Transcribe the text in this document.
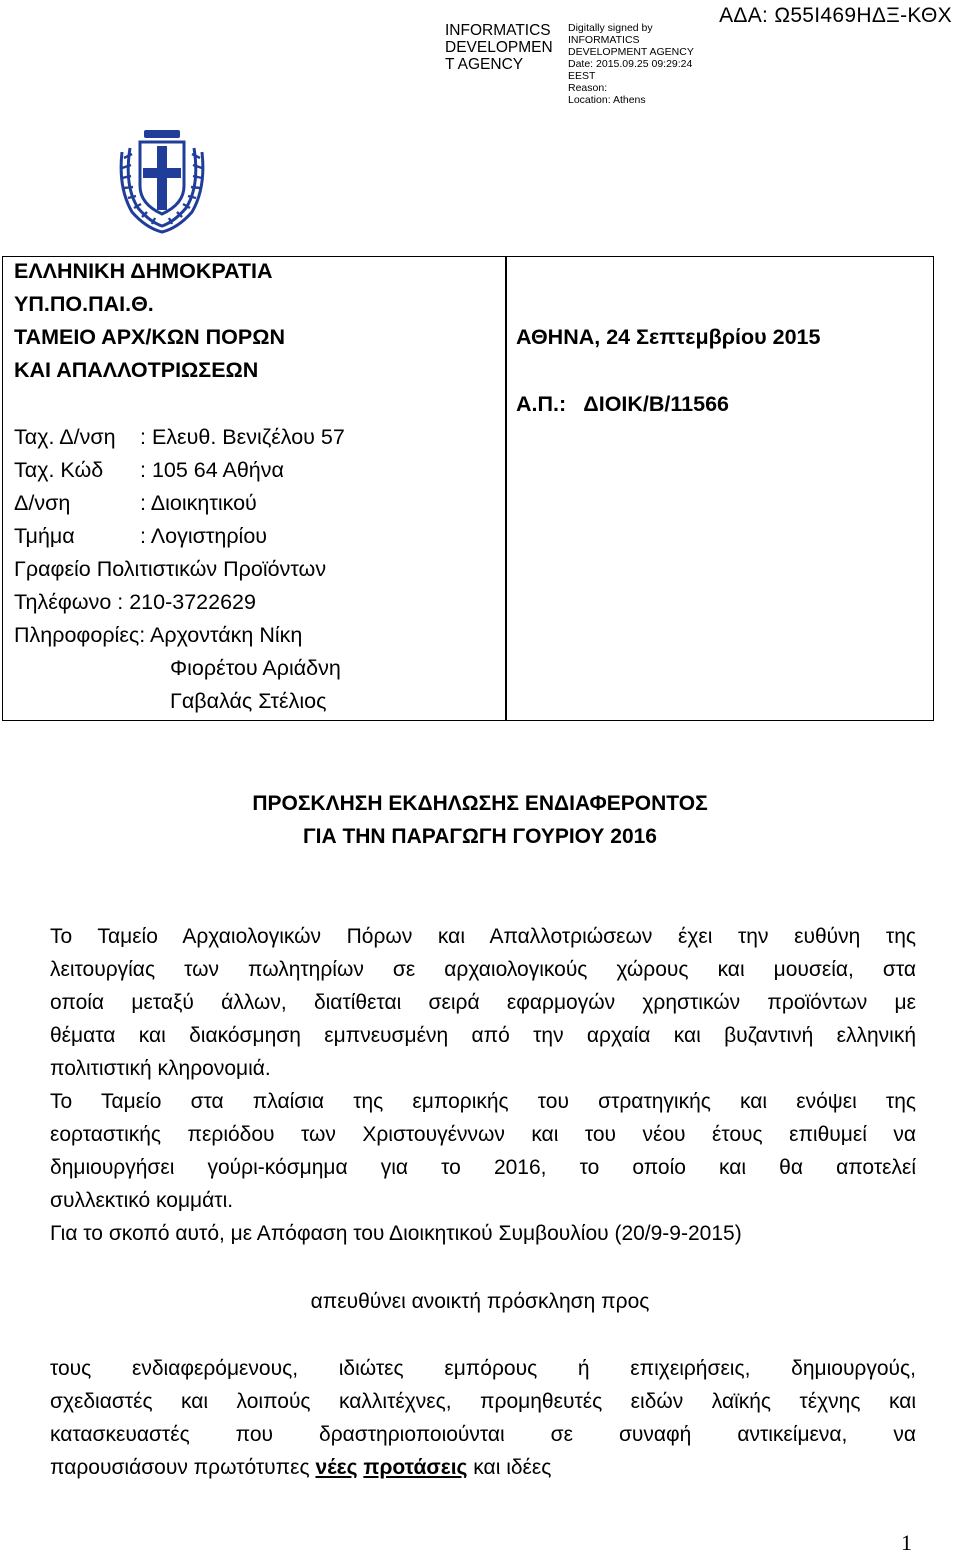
INFORMATICS
DEVELOPMEN
T AGENCY
Digitally signed by
INFORMATICS
DEVELOPMENT AGENCY
Date: 2015.09.25 09:29:24
EEST
Reason:
Location: Athens
ΑΔΑ: Ω55Ι469ΗΔΞ-ΚΘΧ
ΕΛΛΗΝΙΚΗ ΔΗΜΟΚΡΑΤΙΑ
ΥΠ.ΠΟ.ΠΑΙ.Θ.
ΤΑΜΕΙΟ ΑΡΧ/ΚΩΝ ΠΟΡΩΝ
ΚΑΙ ΑΠΑΛΛΟΤΡΙΩΣΕΩΝ
Ταχ. Δ/νση : Ελευθ. Βενιζέλου 57
Ταχ. Κώδ : 105 64 Αθήνα
Δ/νση	: Διοικητικού
Τμήμα	: Λογιστηρίου
Γραφείο Πολιτιστικών Προϊόντων
Τηλέφωνο : 210-3722629
Πληροφορίες: Αρχοντάκη Νίκη
Φιορέτου Αριάδνη
Γαβαλάς Στέλιος
ΑΘΗΝΑ, 24 Σεπτεμβρίου 2015
Α.Π.:   ΔΙΟΙΚ/Β/11566
ΠΡΟΣΚΛΗΣΗ ΕΚΔΗΛΩΣΗΣ ΕΝΔΙΑΦΕΡΟΝΤΟΣ
ΓΙΑ ΤΗΝ ΠΑΡΑΓΩΓΗ ΓΟΥΡΙΟΥ 2016
Το Ταμείο Αρχαιολογικών Πόρων και Απαλλοτριώσεων έχει την ευθύνη της
λειτουργίας των πωλητηρίων σε αρχαιολογικούς χώρους και μουσεία, στα
οποία μεταξύ άλλων, διατίθεται σειρά εφαρμογών χρηστικών προϊόντων με
θέματα και διακόσμηση εμπνευσμένη από την αρχαία και βυζαντινή ελληνική
πολιτιστική κληρονομιά.
Το Ταμείο στα πλαίσια της εμπορικής του στρατηγικής και ενόψει της
εορταστικής περιόδου των Χριστουγέννων και του νέου έτους επιθυμεί να
δημιουργήσει γούρι-κόσμημα για το 2016, το οποίο και θα αποτελεί
συλλεκτικό κομμάτι.
Για το σκοπό αυτό, με Απόφαση του Διοικητικού Συμβουλίου (20/9-9-2015)
απευθύνει ανοικτή πρόσκληση προς
τους ενδιαφερόμενους, ιδιώτες εμπόρους ή επιχειρήσεις, δημιουργούς,
σχεδιαστές και λοιπούς καλλιτέχνες, προμηθευτές ειδών λαϊκής τέχνης και
κατασκευαστές που δραστηριοποιούνται σε συναφή αντικείμενα, να
παρουσιάσουν πρωτότυπες νέες προτάσεις και ιδέες
1
